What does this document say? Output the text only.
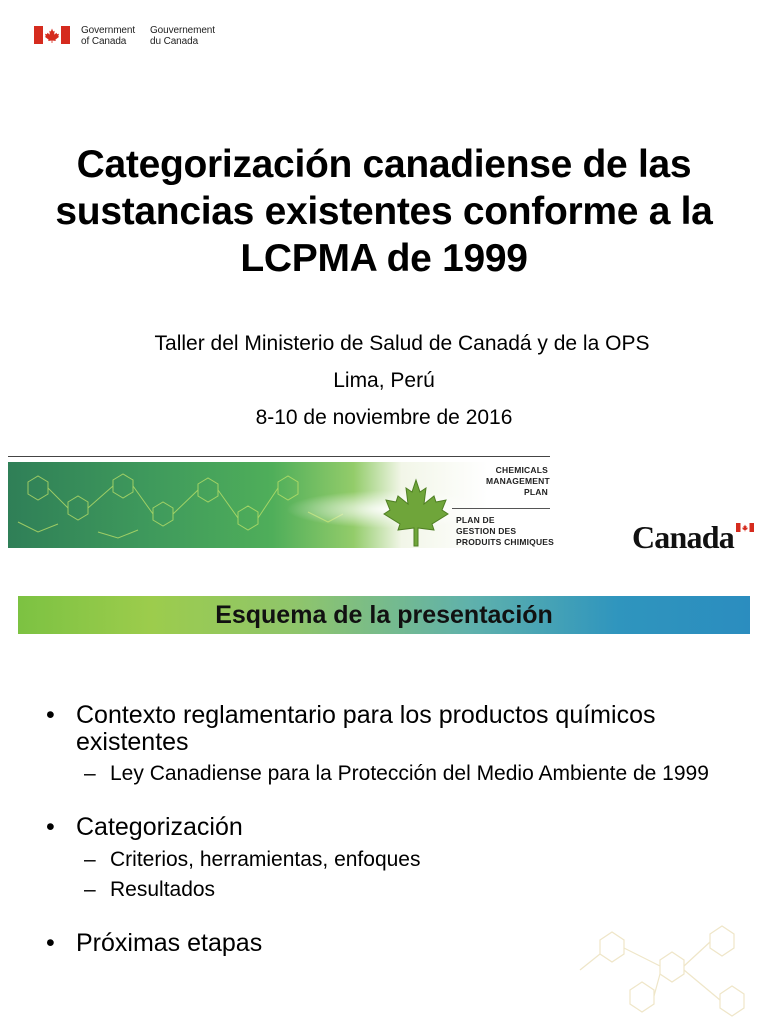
Government
of Canada
Gouvernement
du Canada
Categorización canadiense de las sustancias existentes conforme a la LCPMA de 1999

Taller del Ministerio de Salud de Canadá y de la OPS

Lima, Perú

8-10 de noviembre de 2016

CHEMICALS
MANAGEMENT
PLAN
PLAN DE
GESTION DES
PRODUITS CHIMIQUES	Canada
Esquema de la presentación
• Contexto reglamentario para los productos químicos existentes
– Ley Canadiense para la Protección del Medio Ambiente de 1999
• Categorización
– Criterios, herramientas, enfoques
– Resultados
• Próximas etapas
